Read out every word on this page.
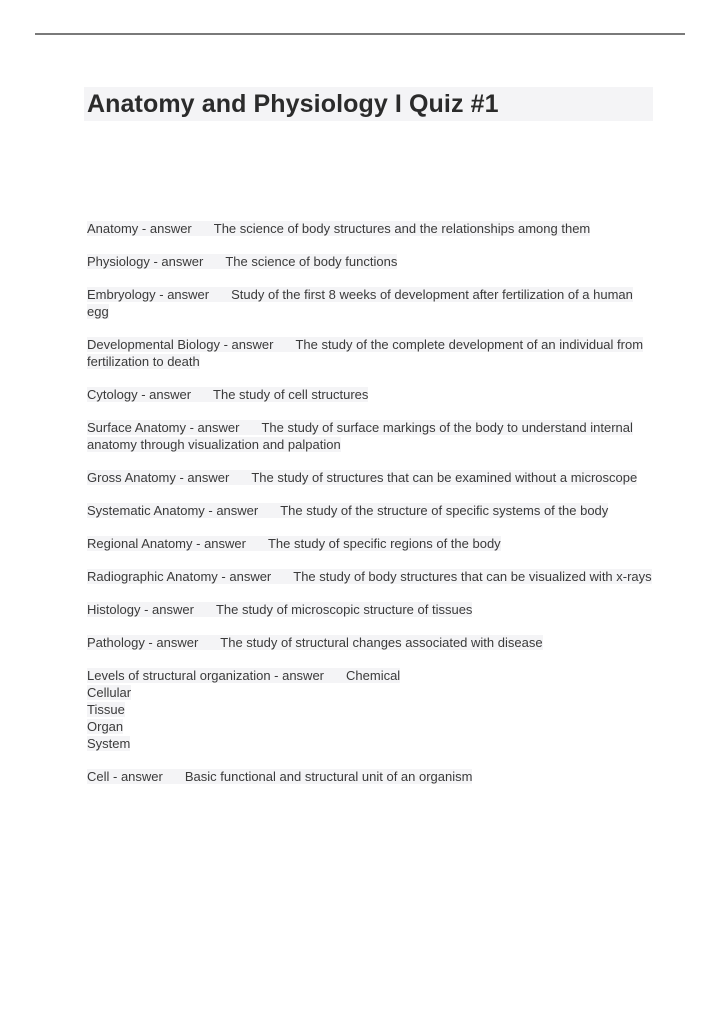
Anatomy and Physiology I Quiz #1
Anatomy - answer The science of body structures and the relationships among them
Physiology - answer The science of body functions
Embryology - answer Study of the first 8 weeks of development after fertilization of a human egg
Developmental Biology - answer The study of the complete development of an individual from fertilization to death
Cytology - answer The study of cell structures
Surface Anatomy - answer The study of surface markings of the body to understand internal anatomy through visualization and palpation
Gross Anatomy - answer The study of structures that can be examined without a microscope
Systematic Anatomy - answer The study of the structure of specific systems of the body
Regional Anatomy - answer The study of specific regions of the body
Radiographic Anatomy - answer The study of body structures that can be visualized with x-rays
Histology - answer The study of microscopic structure of tissues
Pathology - answer The study of structural changes associated with disease
Levels of structural organization - answer Chemical
Cellular
Tissue
Organ
System
Cell - answer Basic functional and structural unit of an organism
